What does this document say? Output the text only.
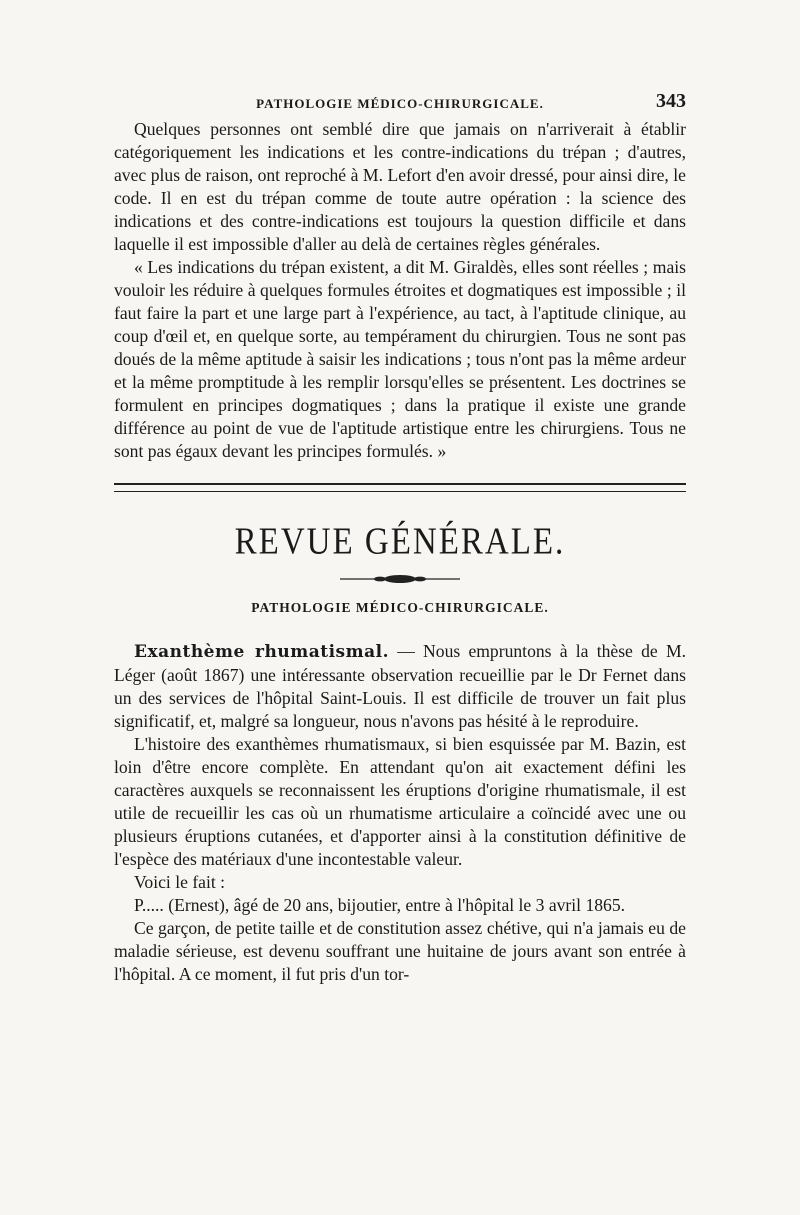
PATHOLOGIE MÉDICO-CHIRURGICALE.	343

Quelques personnes ont semblé dire que jamais on n'arriverait à établir catégoriquement les indications et les contre-indications du trépan ; d'autres, avec plus de raison, ont reproché à M. Lefort d'en avoir dressé, pour ainsi dire, le code. Il en est du trépan comme de toute autre opération : la science des indications et des contre-indications est toujours la question difficile et dans laquelle il est impossible d'aller au delà de certaines règles générales.

« Les indications du trépan existent, a dit M. Giraldès, elles sont réelles ; mais vouloir les réduire à quelques formules étroites et dogmatiques est impossible ; il faut faire la part et une large part à l'expérience, au tact, à l'aptitude clinique, au coup d'œil et, en quelque sorte, au tempérament du chirurgien. Tous ne sont pas doués de la même aptitude à saisir les indications ; tous n'ont pas la même ardeur et la même promptitude à les remplir lorsqu'elles se présentent. Les doctrines se formulent en principes dogmatiques ; dans la pratique il existe une grande différence au point de vue de l'aptitude artistique entre les chirurgiens. Tous ne sont pas égaux devant les principes formulés. »

REVUE GÉNÉRALE.
PATHOLOGIE MÉDICO-CHIRURGICALE.

Exanthème rhumatismal. — Nous empruntons à la thèse de M. Léger (août 1867) une intéressante observation recueillie par le Dr Fernet dans un des services de l'hôpital Saint-Louis. Il est difficile de trouver un fait plus significatif, et, malgré sa longueur, nous n'avons pas hésité à le reproduire.

L'histoire des exanthèmes rhumatismaux, si bien esquissée par M. Bazin, est loin d'être encore complète. En attendant qu'on ait exactement défini les caractères auxquels se reconnaissent les éruptions d'origine rhumatismale, il est utile de recueillir les cas où un rhumatisme articulaire a coïncidé avec une ou plusieurs éruptions cutanées, et d'apporter ainsi à la constitution définitive de l'espèce des matériaux d'une incontestable valeur.

Voici le fait :

P..... (Ernest), âgé de 20 ans, bijoutier, entre à l'hôpital le 3 avril 1865.

Ce garçon, de petite taille et de constitution assez chétive, qui n'a jamais eu de maladie sérieuse, est devenu souffrant une huitaine de jours avant son entrée à l'hôpital. A ce moment, il fut pris d'un tor-
